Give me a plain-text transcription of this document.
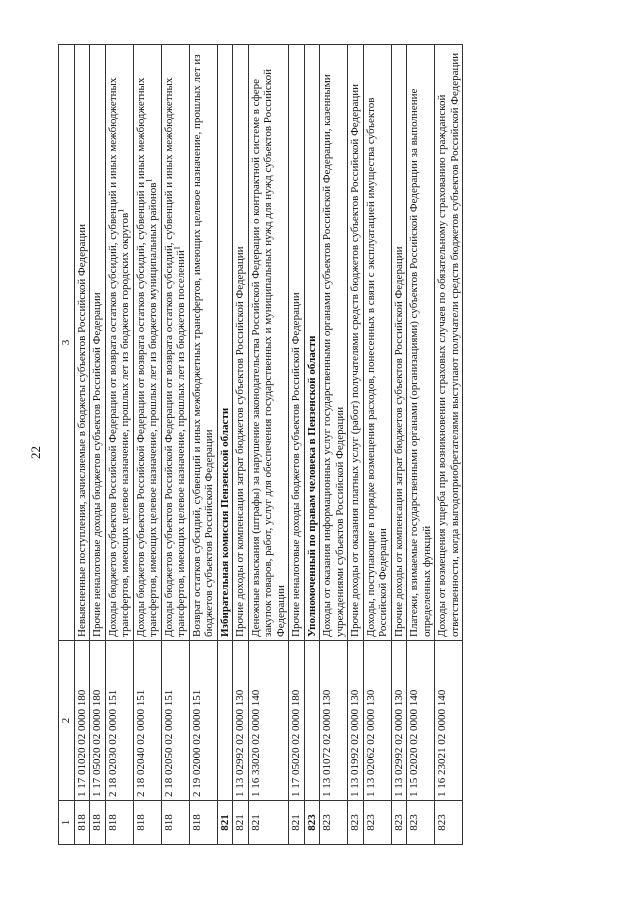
22
1	2	3
818	1 17 01020 02 0000 180	Невыясненные поступления, зачисляемые в бюджеты субъектов Российской Федерации
818	1 17 05020 02 0000 180	Прочие неналоговые доходы бюджетов субъектов Российской Федерации
818	2 18 02030 02 0000 151	Доходы бюджетов субъектов Российской Федерации от возврата остатков субсидий, субвенций и иных межбюджетных трансфертов, имеющих целевое назначение, прошлых лет из бюджетов городских округов$^1$
818	2 18 02040 02 0000 151	Доходы бюджетов субъектов Российской Федерации от возврата остатков субсидий, субвенций и иных межбюджетных трансфертов, имеющих целевое назначение, прошлых лет из бюджетов муниципальных районов$^1$
818	2 18 02050 02 0000 151	Доходы бюджетов субъектов Российской Федерации от возврата остатков субсидий, субвенций и иных межбюджетных трансфертов, имеющих целевое назначение, прошлых лет из бюджетов поселений$^1$
818	2 19 02000 02 0000 151	Возврат остатков субсидий, субвенций и иных межбюджетных трансфертов, имеющих целевое назначение, прошлых лет из бюджетов субъектов Российской Федерации
821		Избирательная комиссия Пензенской области
821	1 13 02992 02 0000 130	Прочие доходы от компенсации затрат бюджетов субъектов Российской Федерации
821	1 16 33020 02 0000 140	Денежные взыскания (штрафы) за нарушение законодательства Российской Федерации о контрактной системе в сфере закупок товаров, работ, услуг для обеспечения государственных и муниципальных нужд для нужд субъектов Российской Федерации
821	1 17 05020 02 0000 180	Прочие неналоговые доходы бюджетов субъектов Российской Федерации
823		Уполномоченный по правам человека в Пензенской области
823	1 13 01072 02 0000 130	Доходы от оказания информационных услуг государственными органами субъектов Российской Федерации, казенными учреждениями субъектов Российской Федерации
823	1 13 01992 02 0000 130	Прочие доходы от оказания платных услуг (работ) получателями средств бюджетов субъектов Российской Федерации
823	1 13 02062 02 0000 130	Доходы, поступающие в порядке возмещения расходов, понесенных в связи с эксплуатацией имущества субъектов Российской Федерации
823	1 13 02992 02 0000 130	Прочие доходы от компенсации затрат бюджетов субъектов Российской Федерации
823	1 15 02020 02 0000 140	Платежи, взимаемые государственными органами (организациями) субъектов Российской Федерации за выполнение определенных функций
823	1 16 23021 02 0000 140	Доходы от возмещения ущерба при возникновении страховых случаев по обязательному страхованию гражданской ответственности, когда выгодоприобретателями выступают получатели средств бюджетов субъектов Российской Федерации
